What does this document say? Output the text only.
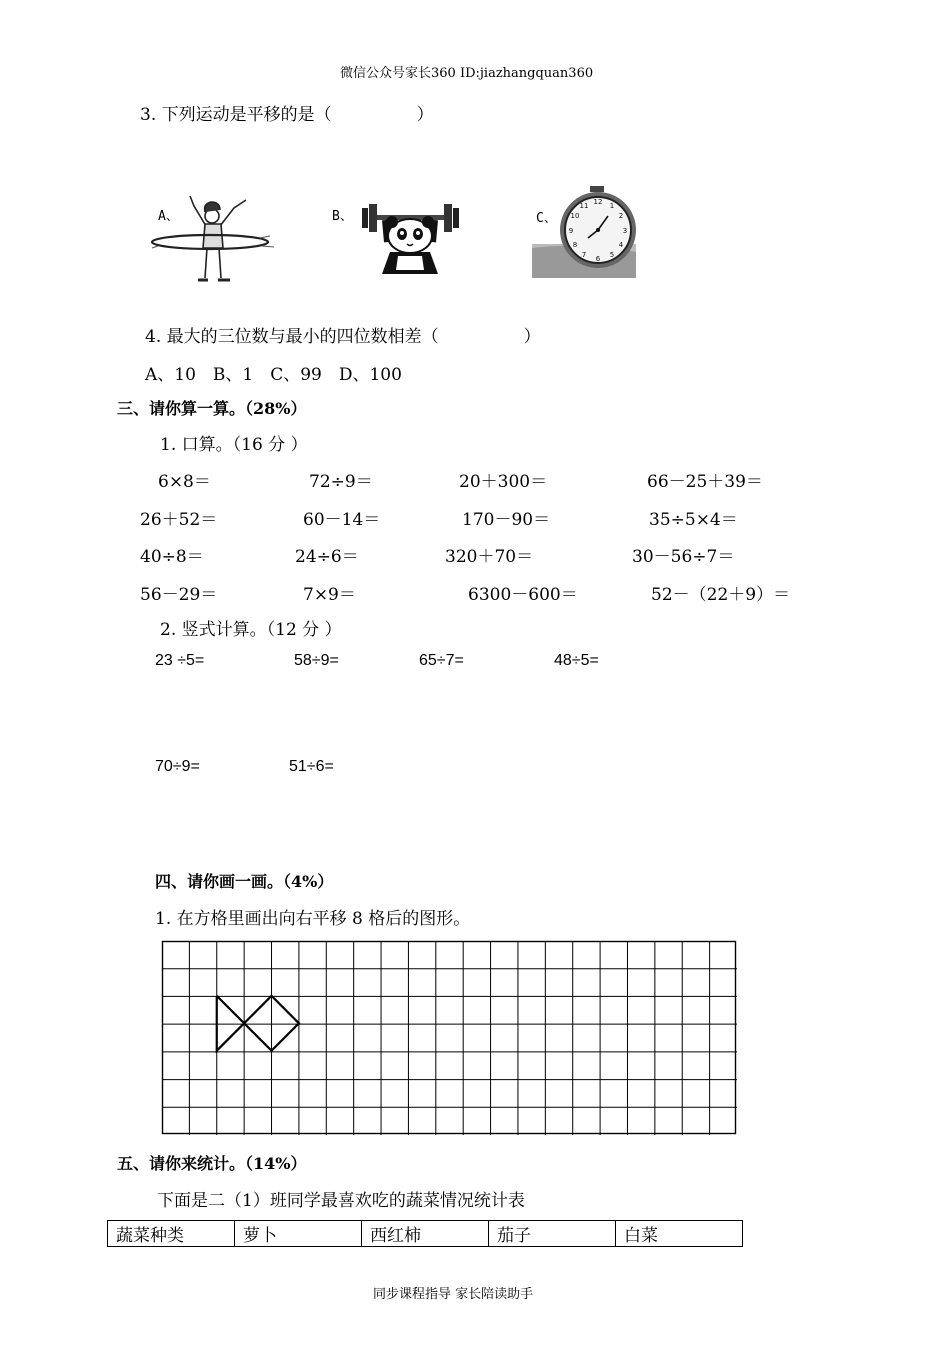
微信公众号家长360 ID:jiazhangquan360
3. 下列运动是平移的是（　　　　　）
A、	B、	C、
12 1
2
3
4
5
6
7
8
9
10
11
4. 最大的三位数与最小的四位数相差（　　　　　）
A、10　B、1　C、99　D、100
三、请你算一算。（28%）
1. 口算。（16 分 ）
6×8＝	72÷9＝	20＋300＝	66－25＋39＝
26＋52＝	60－14＝	170－90＝	35÷5×4＝
40÷8＝	24÷6＝	320＋70＝	30－56÷7＝
56－29＝	7×9＝	6300－600＝	52－（22＋9）＝
2. 竖式计算。（12 分 ）
23 ÷5=	58÷9=	65÷7=	48÷5=
70÷9=	51÷6=
四、请你画一画。（4%）
1. 在方格里画出向右平移 8 格后的图形。
五、请你来统计。（14%）
下面是二（1）班同学最喜欢吃的蔬菜情况统计表
蔬菜种类	萝卜	西红柿	茄子	白菜
同步课程指导 家长陪读助手
